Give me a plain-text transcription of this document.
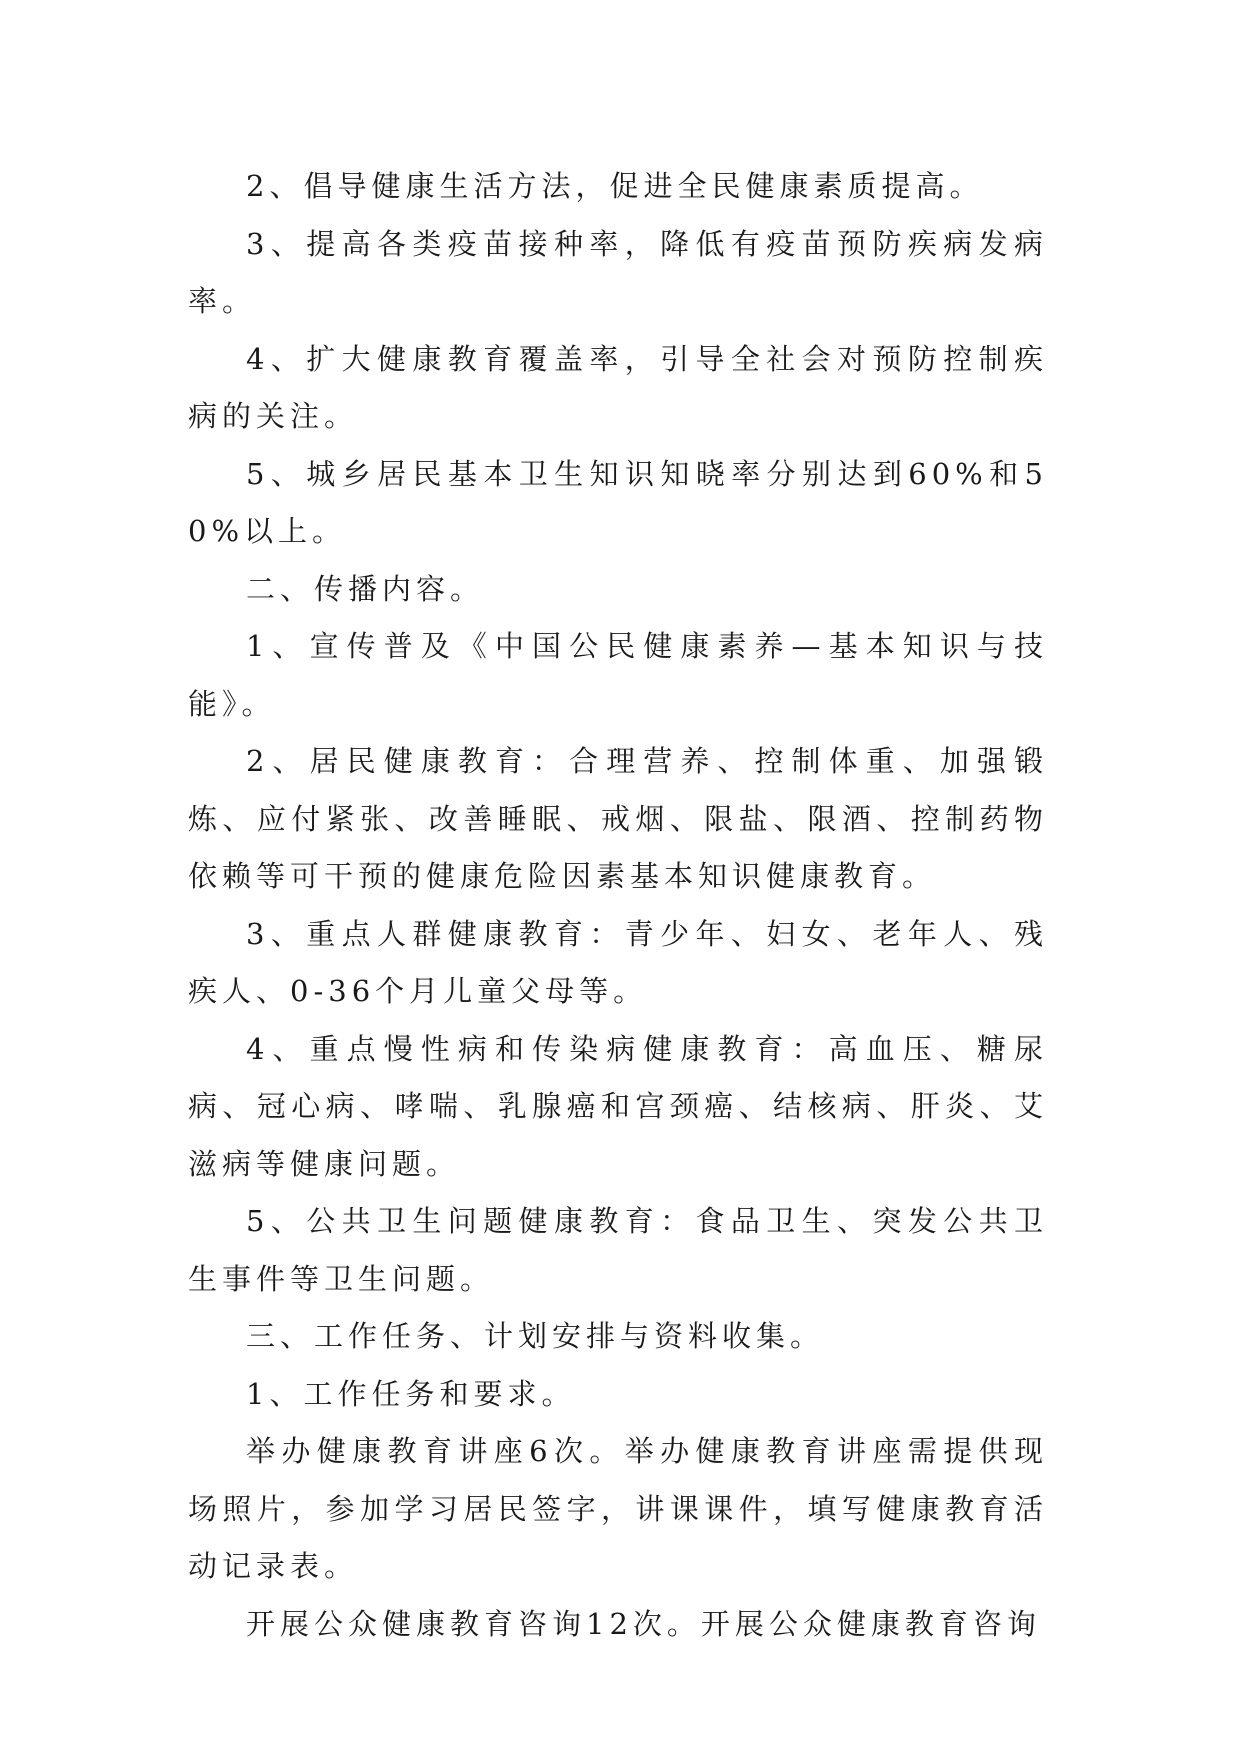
2、倡导健康生活方法，促进全民健康素质提高。

3、提高各类疫苗接种率，降低有疫苗预防疾病发病率。

4、扩大健康教育覆盖率，引导全社会对预防控制疾病的关注。

5、城乡居民基本卫生知识知晓率分别达到60%和50%以上。

二、传播内容。

1、宣传普及《中国公民健康素养—基本知识与技能》。

2、居民健康教育：合理营养、控制体重、加强锻炼、应付紧张、改善睡眠、戒烟、限盐、限酒、控制药物依赖等可干预的健康危险因素基本知识健康教育。

3、重点人群健康教育：青少年、妇女、老年人、残疾人、0-36个月儿童父母等。

4、重点慢性病和传染病健康教育：高血压、糖尿病、冠心病、哮喘、乳腺癌和宫颈癌、结核病、肝炎、艾滋病等健康问题。

5、公共卫生问题健康教育：食品卫生、突发公共卫生事件等卫生问题。

三、工作任务、计划安排与资料收集。

1、工作任务和要求。

举办健康教育讲座6次。举办健康教育讲座需提供现场照片，参加学习居民签字，讲课课件，填写健康教育活动记录表。

开展公众健康教育咨询12次。开展公众健康教育咨询
